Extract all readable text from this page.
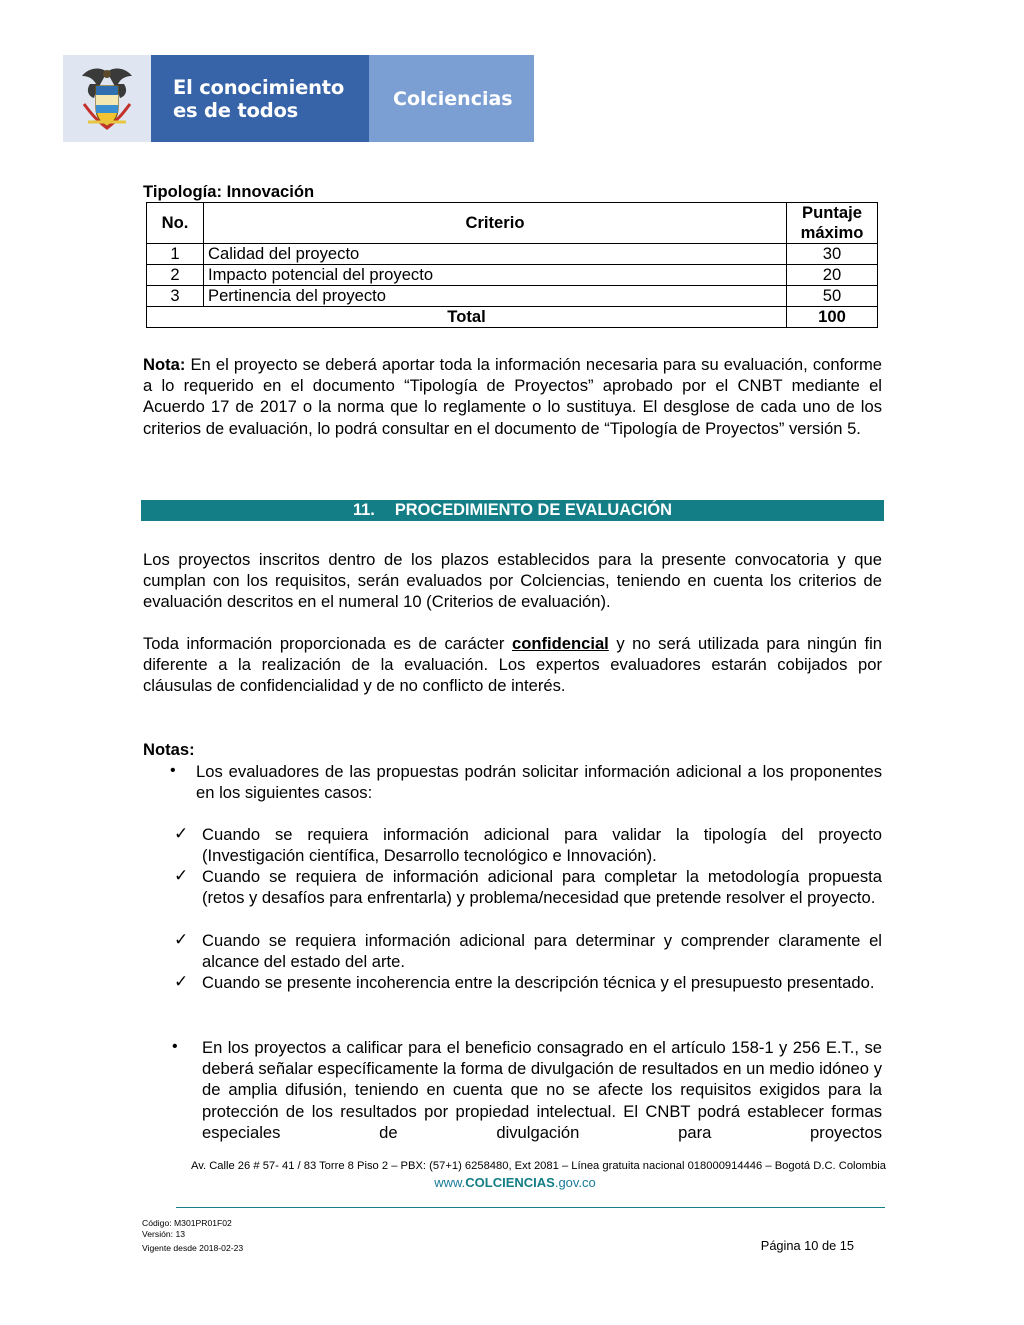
El conocimiento
es de todos	Colciencias
Tipología: Innovación
No.	Criterio	Puntaje máximo
1	Calidad del proyecto	30
2	Impacto potencial del proyecto	20
3	Pertinencia del proyecto	50
Total		100
Nota: En el proyecto se deberá aportar toda la información necesaria para su evaluación, conforme a lo requerido en el documento “Tipología de Proyectos” aprobado por el CNBT mediante el Acuerdo 17 de 2017 o la norma que lo reglamente o lo sustituya. El desglose de cada uno de los criterios de evaluación, lo podrá consultar en el documento de “Tipología de Proyectos” versión 5.
11. PROCEDIMIENTO DE EVALUACIÓN
Los proyectos inscritos dentro de los plazos establecidos para la presente convocatoria y que cumplan con los requisitos, serán evaluados por Colciencias, teniendo en cuenta los criterios de evaluación descritos en el numeral 10 (Criterios de evaluación).
Toda información proporcionada es de carácter confidencial y no será utilizada para ningún fin diferente a la realización de la evaluación. Los expertos evaluadores estarán cobijados por cláusulas de confidencialidad y de no conflicto de interés.
Notas:
• Los evaluadores de las propuestas podrán solicitar información adicional a los proponentes en los siguientes casos:
✓ Cuando se requiera información adicional para validar la tipología del proyecto (Investigación científica, Desarrollo tecnológico e Innovación).
✓ Cuando se requiera de información adicional para completar la metodología propuesta (retos y desafíos para enfrentarla) y problema/necesidad que pretende resolver el proyecto.
✓ Cuando se requiera información adicional para determinar y comprender claramente el alcance del estado del arte.
✓ Cuando se presente incoherencia entre la descripción técnica y el presupuesto presentado.
• En los proyectos a calificar para el beneficio consagrado en el artículo 158-1 y 256 E.T., se deberá señalar específicamente la forma de divulgación de resultados en un medio idóneo y de amplia difusión, teniendo en cuenta que no se afecte los requisitos exigidos para la protección de los resultados por propiedad intelectual. El CNBT podrá establecer formas especiales de divulgación para proyectos
Av. Calle 26 # 57- 41 / 83 Torre 8 Piso 2 – PBX: (57+1) 6258480, Ext 2081 – Línea gratuita nacional 018000914446 – Bogotá D.C. Colombia
www.COLCIENCIAS.gov.co
Código: M301PR01F02
Versión: 13
Vigente desde 2018-02-23	Página 10 de 15
